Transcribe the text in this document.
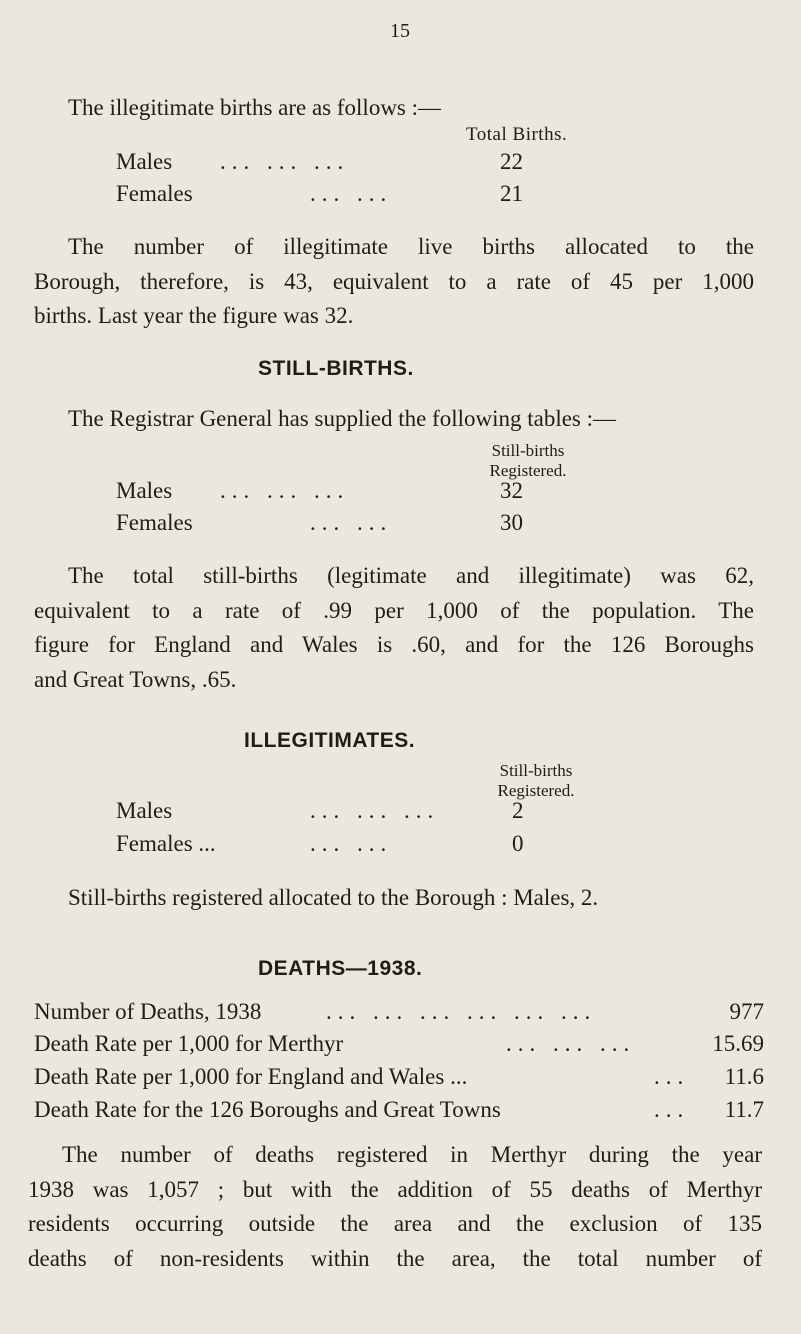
15
The illegitimate births are as follows :—
Total Births.
Males ... ... ...	22
Females	... ...	21
The number of illegitimate live births allocated to the
Borough, therefore, is 43, equivalent to a rate of 45 per 1,000
births. Last year the figure was 32.
STILL-BIRTHS.
The Registrar General has supplied the following tables :—
Still-births
Registered.
Males ... ... ...	32
Females	... ...	30
The total still-births (legitimate and illegitimate) was 62,
equivalent to a rate of .99 per 1,000 of the population. The
figure for England and Wales is .60, and for the 126 Boroughs
and Great Towns, .65.
ILLEGITIMATES.
Still-births
Registered.
Males	... ... ...	2
Females ...	... ...	0
Still-births registered allocated to the Borough : Males, 2.
DEATHS—1938.
Number of Deaths, 1938	... ... ... ... ... ...	977
Death Rate per 1,000 for Merthyr	... ... ...	15.69
Death Rate per 1,000 for England and Wales ...	... 11.6
Death Rate for the 126 Boroughs and Great Towns	... 11.7
The number of deaths registered in Merthyr during the year
1938 was 1,057 ; but with the addition of 55 deaths of Merthyr
residents occurring outside the area and the exclusion of 135
deaths of non-residents within the area, the total number of
